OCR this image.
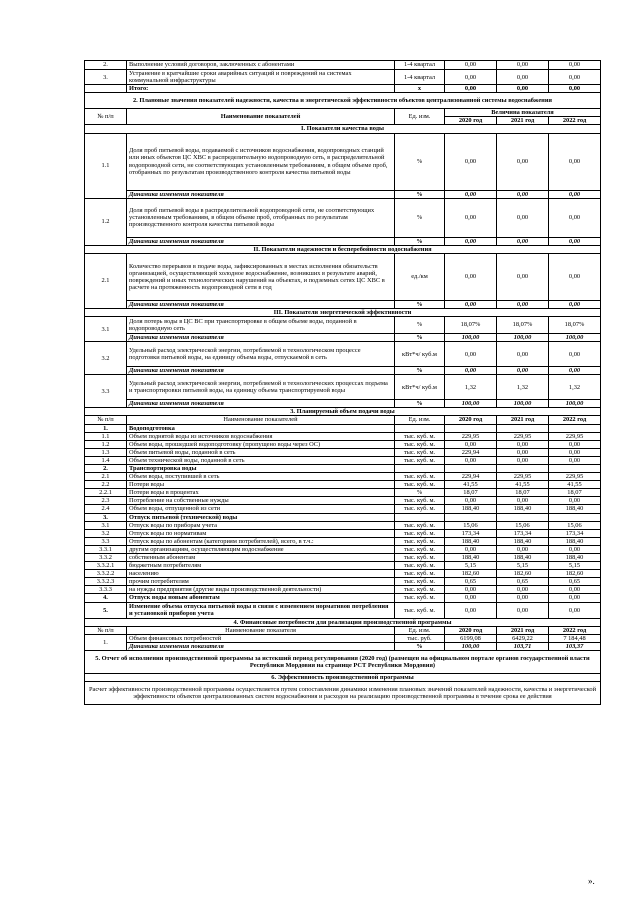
2.	Выполнение условий договоров, заключенных с абонентами	1-4 квартал	0,00	0,00	0,00
3.	Устранение в кратчайшие сроки аварийных ситуаций и повреждений на системах коммунальной инфраструктуры	1-4 квартал	0,00	0,00	0,00
	Итого:	х	0,00	0,00	0,00
2. Плановые значения показателей надежности, качества и энергетической эффективности объектов централизованной системы водоснабжения					
№ п/п	Наименование показателей	Ед. изм.	Величина показателя		
			2020 год	2021 год	2022 год
I. Показатели качества воды					
1.1	Доля проб питьевой воды, подаваемой с источников водоснабжения, водопроводных станций или иных объектов ЦС ХВС в распределительную водопроводную сеть, в распределительной водопроводной сети, не соответствующих установленным требованиям, в общем объеме проб, отобранных по результатам производственного контроля качества питьевой воды	%	0,00	0,00	0,00
	Динамика изменения показателя	%	0,00	0,00	0,00
1.2	Доля проб питьевой воды в распределительной водопроводной сети, не соответствующих установленным требованиям, в общем объеме проб, отобранных по результатам производственного контроля качества питьевой воды	%	0,00	0,00	0,00
	Динамика изменения показателя	%	0,00	0,00	0,00
II. Показатели надежности и бесперебойности водоснабжения					
2.1	Количество перерывов в подаче воды, зафиксированных в местах исполнения обязательств организацией, осуществляющей холодное водоснабжение, возникших в результате аварий, повреждений и иных технологических нарушений на объектах, и подземных сетях ЦС ХВС в расчете на протяженность водопроводной сети в год	ед./км	0,00	0,00	0,00
	Динамика изменения показателя	%	0,00	0,00	0,00
III. Показатели энергетической эффективности					
3.1	Доля потерь воды в ЦС ВС при транспортировке в общем объеме воды, поданной в водопроводную сеть	%	18,07%	18,07%	18,07%
	Динамика изменения показателя	%	100,00	100,00	100,00
3.2	Удельный расход электрической энергии, потребляемой в технологическом процессе подготовки питьевой воды, на единицу объема воды, отпускаемой в сеть	кВт*ч/ куб.м	0,00	0,00	0,00
	Динамика изменения показателя	%	0,00	0,00	0,00
3.3	Удельный расход электрической энергии, потребляемой в технологических процессах подъема и транспортировки питьевой воды, на единицу объема транспортируемой воды	кВт*ч/ куб.м	1,32	1,32	1,32
	Динамика изменения показателя	%	100,00	100,00	100,00
3. Планируемый объем подачи воды					
№ п/п	Наименование показателей	Ед. изм.	2020 год	2021 год	2022 год
1.	Водоподготовка				
1.1	Объем поднятой воды из источников водоснабжения	тыс. куб. м.	229,95	229,95	229,95
1.2	Объем воды, прошедшей водоподготовку (пропущено воды через ОС)	тыс. куб. м.	0,00	0,00	0,00
1.3	Объем питьевой воды, поданной в сеть	тыс. куб. м.	229,94	0,00	0,00
1.4	Объем технической воды, поданной в сеть	тыс. куб. м.	0,00	0,00	0,00
2.	Транспортировка воды				
2.1	Объем воды, поступившей в сеть	тыс. куб. м.	229,94	229,95	229,95
2.2	Потери воды	тыс. куб. м.	41,55	41,55	41,55
2.2.1	Потери воды в процентах	%	18,07	18,07	18,07
2.3	Потребление на собственные нужды	тыс. куб. м.	0,00	0,00	0,00
2.4	Объем воды, отпущенной из сети	тыс. куб. м.	188,40	188,40	188,40
3.	Отпуск питьевой (технической) воды				
3.1	Отпуск воды по приборам учета	тыс. куб. м.	15,06	15,06	15,06
3.2	Отпуск воды по нормативам	тыс. куб. м.	173,34	173,34	173,34
3.3	Отпуск воды по абонентам (категориям потребителей), всего, в т.ч.:	тыс. куб. м.	188,40	188,40	188,40
3.3.1	другим организациям, осуществляющим водоснабжение	тыс. куб. м.	0,00	0,00	0,00
3.3.2	собственным абонентам	тыс. куб. м.	188,40	188,40	188,40
3.3.2.1	бюджетным потребителям	тыс. куб. м.	5,15	5,15	5,15
3.3.2.2	населению	тыс. куб. м.	182,60	182,60	182,60
3.3.2.3	прочим потребителям	тыс. куб. м.	0,65	0,65	0,65
3.3.3	на нужды предприятия (другие виды производственной деятельности)	тыс. куб. м.	0,00	0,00	0,00
4.	Отпуск воды новым абонентам	тыс. куб. м.	0,00	0,00	0,00
5.	Изменение объема отпуска питьевой воды в связи с изменением нормативов потребления и установкой приборов учета	тыс. куб. м.	0,00	0,00	0,00
4. Финансовые потребности для реализации производственной программы					
№ п/п	Наименование показателя	Ед. изм.	2020 год	2021 год	2022 год
1.	Объем финансовых потребностей	тыс. руб.	6199,08	6429,22	7 184,48
	Динамика изменения показателя	%	100,00	103,71	103,37
5. Отчет об исполнении производственной программы за истекший период регулирования (2020 год) (размещен на официальном портале органов государственной власти Республики Мордовия на странице РСТ Республики Мордовия)					
6. Эффективность производственной программы					
Расчет эффективности производственной программы осуществляется путем сопоставления динамики изменения плановых значений показателей надежности, качества и энергетической эффективности объектов централизованных систем водоснабжения и расходов на реализацию производственной программы в течение срока ее действия					
».
